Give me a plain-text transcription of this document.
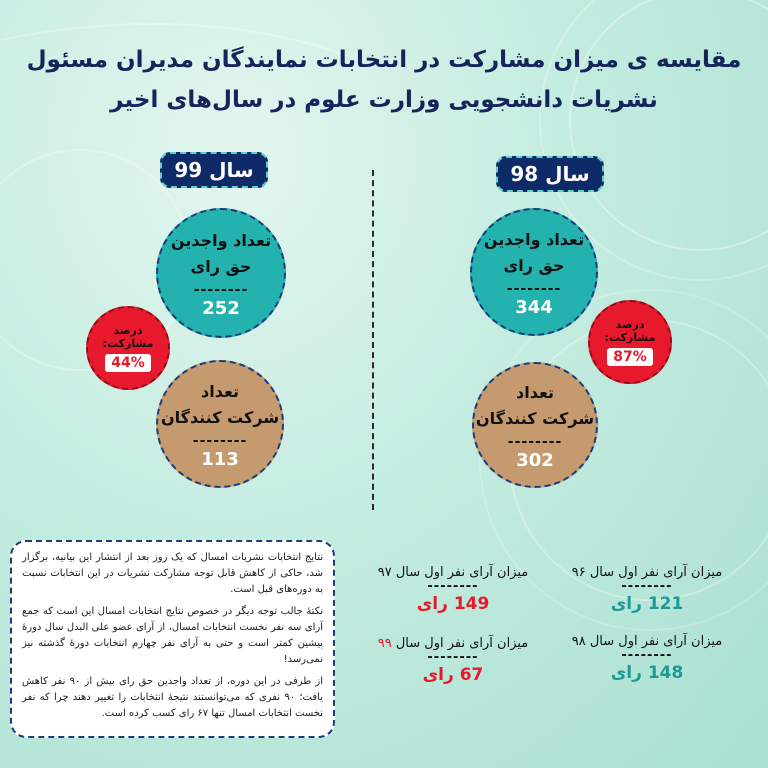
مقایسه ی میزان مشارکت در انتخابات نمایندگان مدیران مسئول
نشریات دانشجویی وزارت علوم در سال‌های اخیر
سال 98
تعداد واجدین
حق رای
--------
344
درصد
مشارکت:
87%
تعداد
شرکت کنندگان
--------
302
سال 99
تعداد واجدین
حق رای
--------
252
درصد
مشارکت:
44%
تعداد
شرکت کنندگان
--------
113
میزان آرای نفر اول سال ۹۶
--------
121 رای
میزان آرای نفر اول سال ۹۷
--------
149 رای
میزان آرای نفر اول سال ۹۸
--------
148 رای
میزان آرای نفر اول سال ۹۹
--------
67 رای

نتایج انتخابات نشریات امسال که یک روز بعد از انتشار این بیانیه، برگزار شد، حاکی از کاهش قابل توجه مشارکت نشریات در این انتخابات نسبت به دوره‌های قبل است.

نکتۀ جالب توجه دیگر در خصوص نتایج انتخابات امسال این است که جمع آرای سه نفر نخست انتخابات امسال، از آرای عضو علی البدل سال دورۀ پیشین کمتر است و حتی به آرای نفر چهارم انتخابات دورۀ گذشته نیز نمی‌رسد!

از طرفی در این دوره، از تعداد واجدین حق رای بیش از ۹۰ نفر کاهش یافت؛ ۹۰ نفری که می‌توانستند نتیجۀ انتخابات را تغییر دهند چرا که نفر نخست انتخابات امسال تنها ۶۷ رای کسب کرده است.
